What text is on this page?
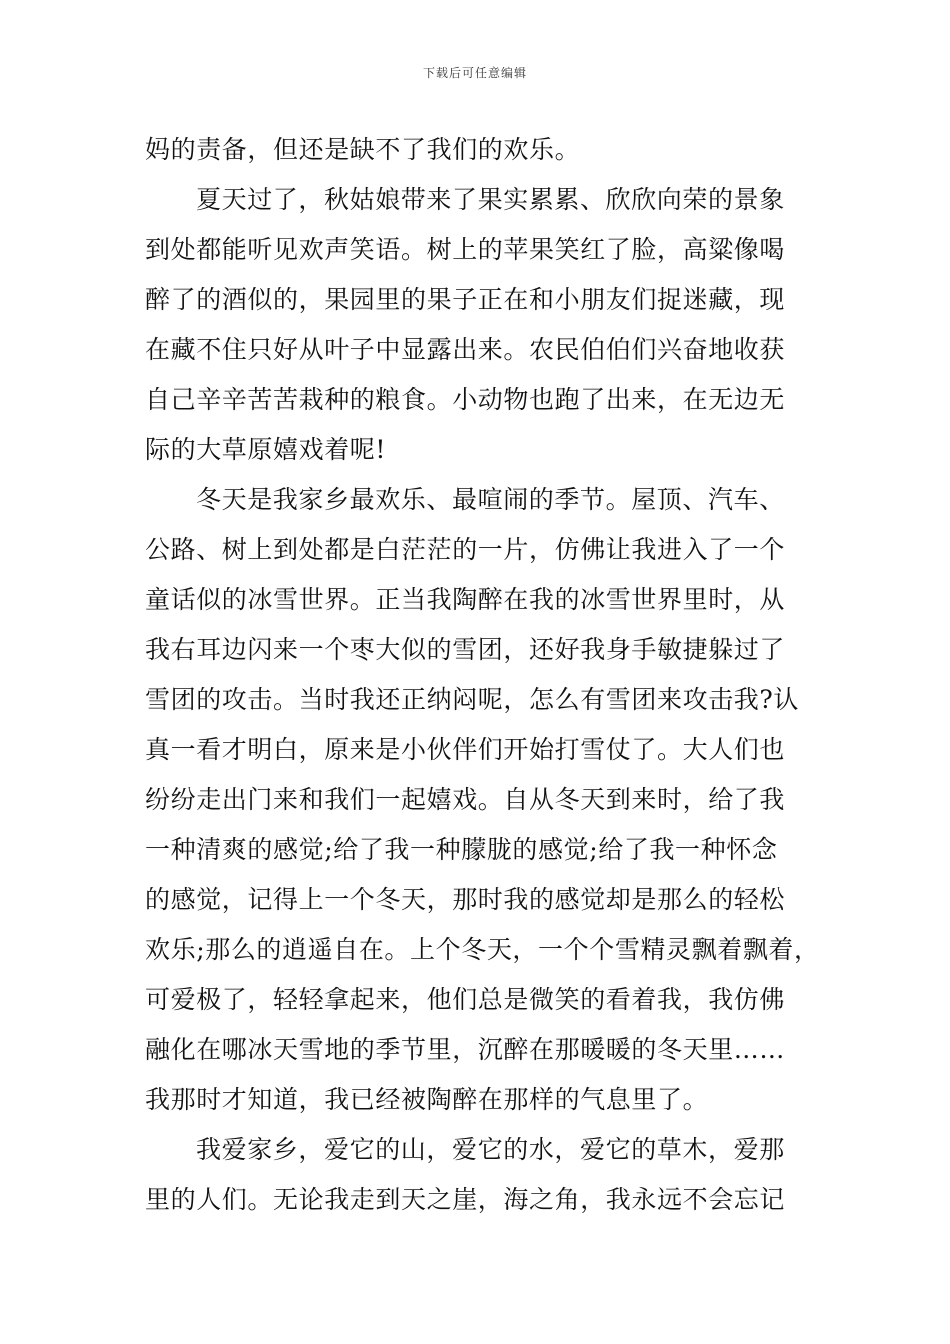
下载后可任意编辑
妈的责备，但还是缺不了我们的欢乐。
夏天过了，秋姑娘带来了果实累累、欣欣向荣的景象
到处都能听见欢声笑语。树上的苹果笑红了脸，高粱像喝
醉了的酒似的，果园里的果子正在和小朋友们捉迷藏，现
在藏不住只好从叶子中显露出来。农民伯伯们兴奋地收获
自己辛辛苦苦栽种的粮食。小动物也跑了出来，在无边无
际的大草原嬉戏着呢!
冬天是我家乡最欢乐、最喧闹的季节。屋顶、汽车、
公路、树上到处都是白茫茫的一片，仿佛让我进入了一个
童话似的冰雪世界。正当我陶醉在我的冰雪世界里时，从
我右耳边闪来一个枣大似的雪团，还好我身手敏捷躲过了
雪团的攻击。当时我还正纳闷呢，怎么有雪团来攻击我?认
真一看才明白，原来是小伙伴们开始打雪仗了。大人们也
纷纷走出门来和我们一起嬉戏。自从冬天到来时，给了我
一种清爽的感觉;给了我一种朦胧的感觉;给了我一种怀念
的感觉，记得上一个冬天，那时我的感觉却是那么的轻松
欢乐;那么的逍遥自在。上个冬天，一个个雪精灵飘着飘着，
可爱极了，轻轻拿起来，他们总是微笑的看着我，我仿佛
融化在哪冰天雪地的季节里，沉醉在那暖暖的冬天里……
我那时才知道，我已经被陶醉在那样的气息里了。
我爱家乡，爱它的山，爱它的水，爱它的草木，爱那
里的人们。无论我走到天之崖，海之角，我永远不会忘记
